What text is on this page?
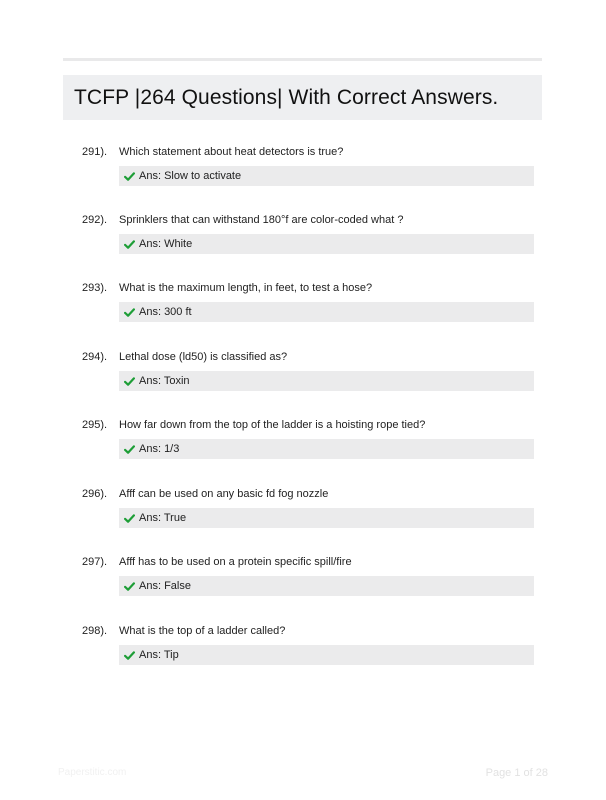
TCFP |264 Questions| With Correct Answers.
291). Which statement about heat detectors is true?
Ans: Slow to activate
292). Sprinklers that can withstand 180°f are color-coded what ?
Ans: White
293). What is the maximum length, in feet, to test a hose?
Ans: 300 ft
294). Lethal dose (ld50) is classified as?
Ans: Toxin
295). How far down from the top of the ladder is a hoisting rope tied?
Ans: 1/3
296). Afff can be used on any basic fd fog nozzle
Ans: True
297). Afff has to be used on a protein specific spill/fire
Ans: False
298). What is the top of a ladder called?
Ans: Tip
Paperstitic.com	Page 1 of 28
